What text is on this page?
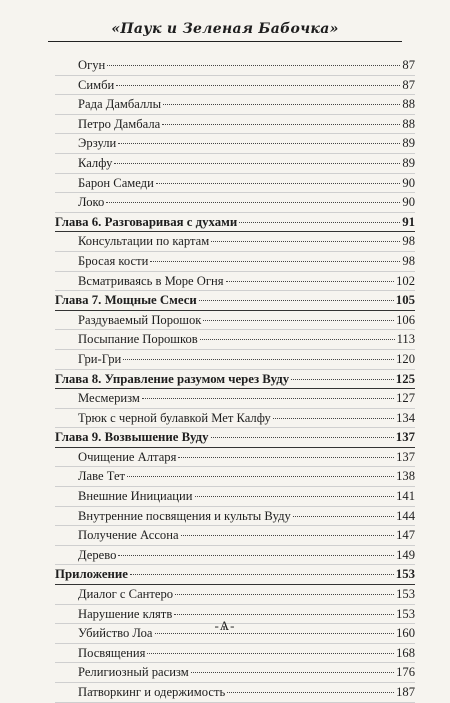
«Паук и Зеленая Бабочка»
Огун	87
Симби	87
Рада Дамбаллы	88
Петро Дамбала	88
Эрзули	89
Калфу	89
Барон Самеди	90
Локо	90
Глава 6. Разговаривая с духами	91
Консультации по картам	98
Бросая кости	98
Всматриваясь в Море Огня	102
Глава 7. Мощные Смеси	105
Раздуваемый Порошок	106
Посыпание Порошков	113
Гри-Гри	120
Глава 8. Управление разумом через Вуду	125
Месмеризм	127
Трюк с черной булавкой Мет Калфу	134
Глава 9. Возвышение Вуду	137
Очищение Алтаря	137
Лаве Тет	138
Внешние Инициации	141
Внутренние посвящения и культы Вуду	144
Получение Ассона	147
Дерево	149
Приложение	153
Диалог с Сантеро	153
Нарушение клятв	153
Убийство Лоа	160
Посвящения	168
Религиозный расизм	176
Патворкинг и одержимость	187
-Ѧ-
